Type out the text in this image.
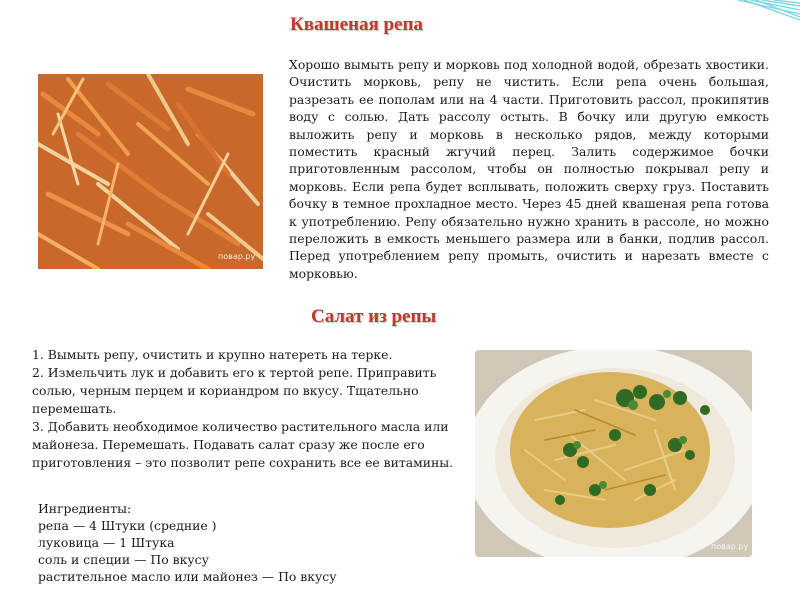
Квашеная репа
повар.ру

Хорошо вымыть репу и морковь под холодной водой, обрезать хвостики. Очистить морковь, репу не чистить. Если репа очень большая, разрезать ее пополам или на 4 части. Приготовить рассол, прокипятив воду с солью. Дать рассолу остыть. В бочку или другую емкость выложить репу и морковь в несколько рядов, между которыми поместить красный жгучий перец. Залить содержимое бочки приготовленным рассолом, чтобы он полностью покрывал репу и морковь. Если репа будет всплывать, положить сверху груз. Поставить бочку в темное прохладное место. Через 45 дней квашеная репа готова к употреблению. Репу обязательно нужно хранить в рассоле, но можно переложить в емкость меньшего размера или в банки, подлив рассол. Перед употреблением репу промыть, очистить и нарезать вместе с морковью.

Салат из репы
1. Вымыть репу, очистить и крупно натереть на терке.
2. Измельчить лук и добавить его к тертой репе. Приправить солью, черным перцем и кориандром по вкусу. Тщательно перемешать.
3. Добавить необходимое количество растительного масла или майонеза. Перемешать. Подавать салат сразу же после его приготовления – это позволит репе сохранить все ее витамины.
Ингредиенты:
репа — 4 Штуки (средние )
луковица — 1 Штука
соль и специи — По вкусу
растительное масло или майонез — По вкусу
повар.ру
